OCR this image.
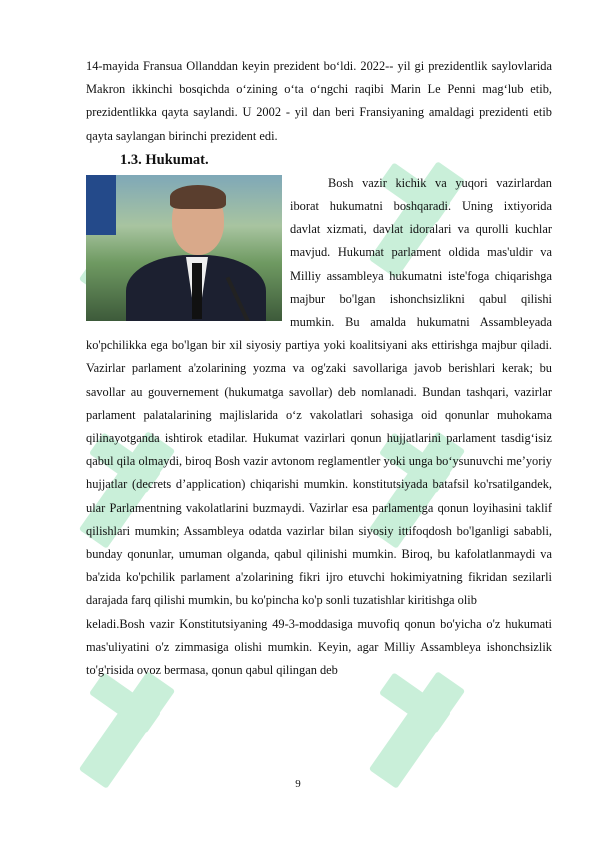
14-mayida Fransua Ollanddan keyin prezident bo‘ldi. 2022-- yil gi prezidentlik saylovlarida Makron ikkinchi bosqichda o‘zining o‘ta o‘ngchi raqibi Marin Le Penni mag‘lub etib, prezidentlikka qayta saylandi. U 2002 - yil dan beri Fransiyaning amaldagi prezidenti etib qayta saylangan birinchi prezident edi.

1.3. Hukumat.

Bosh vazir kichik va yuqori vazirlardan iborat hukumatni boshqaradi. Uning ixtiyorida davlat xizmati, davlat idoralari va qurolli kuchlar mavjud. Hukumat parlament oldida mas'uldir va Milliy assambleya hukumatni iste'foga chiqarishga majbur bo'lgan ishonchsizlikni qabul qilishi mumkin. Bu amalda hukumatni Assambleyada ko'pchilikka ega bo'lgan bir xil siyosiy partiya yoki koalitsiyani aks ettirishga majbur qiladi. Vazirlar parlament a'zolarining yozma va og'zaki savollariga javob berishlari kerak; bu savollar au gouvernement (hukumatga savollar) deb nomlanadi. Bundan tashqari, vazirlar parlament palatalarining majlislarida o‘z vakolatlari sohasiga oid qonunlar muhokama qilinayotganda ishtirok etadilar. Hukumat vazirlari qonun hujjatlarini parlament tasdig‘isiz qabul qila olmaydi, biroq Bosh vazir avtonom reglamentler yoki unga bo‘ysunuvchi me’yoriy hujjatlar (decrets d’application) chiqarishi mumkin. konstitutsiyada batafsil ko'rsatilgandek, ular Parlamentning vakolatlarini buzmaydi. Vazirlar esa parlamentga qonun loyihasini taklif qilishlari mumkin; Assambleya odatda vazirlar bilan siyosiy ittifoqdosh bo'lganligi sababli, bunday qonunlar, umuman olganda, qabul qilinishi mumkin. Biroq, bu kafolatlanmaydi va ba'zida ko'pchilik parlament a'zolarining fikri ijro etuvchi hokimiyatning fikridan sezilarli darajada farq qilishi mumkin, bu ko'pincha ko'p sonli tuzatishlar kiritishga olib

keladi.Bosh vazir Konstitutsiyaning 49-3-moddasiga muvofiq qonun bo'yicha o'z hukumati mas'uliyatini o'z zimmasiga olishi mumkin. Keyin, agar Milliy Assambleya ishonchsizlik to'g'risida ovoz bermasa, qonun qabul qilingan deb

9
